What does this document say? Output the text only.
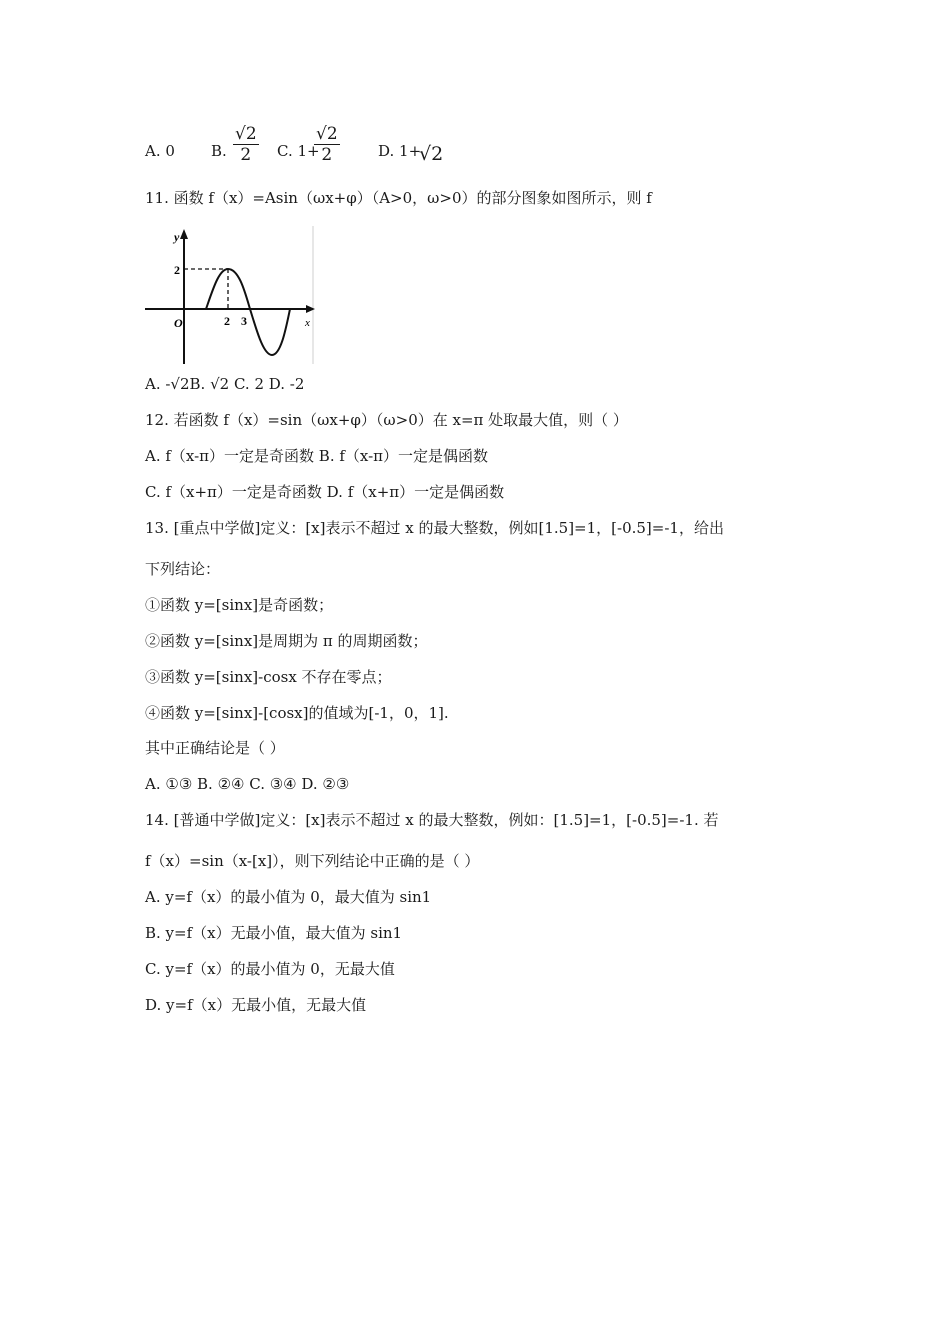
A. 0 B. $\frac{√2}{2} C$. 1+
$\frac{√2}{2}$	D. 1+
√2
11. 函数 f（x）=Asin（ωx+φ）（A>0，ω>0）的部分图象如图所示，则 f
y
x
O
2
2 3
A. -√2B. √2 C. 2 D. -2
12. 若函数 f（x）=sin（ωx+φ）（ω>0）在 x=π 处取最大值，则（ ）
A. f（x-π）一定是奇函数 B. f（x-π）一定是偶函数
C. f（x+π）一定是奇函数 D. f（x+π）一定是偶函数
13. [重点中学做]定义：[x]表示不超过 x 的最大整数，例如[1.5]=1，[-0.5]=-1，给出
下列结论：
①函数 y=[sinx]是奇函数；
②函数 y=[sinx]是周期为 π 的周期函数；
③函数 y=[sinx]-cosx 不存在零点；
④函数 y=[sinx]-[cosx]的值域为[-1，0，1].
其中正确结论是（ ）
A. ①③ B. ②④ C. ③④ D. ②③
14. [普通中学做]定义：[x]表示不超过 x 的最大整数，例如：[1.5]=1，[-0.5]=-1. 若
f（x）=sin（x-[x]），则下列结论中正确的是（ ）
A. y=f（x）的最小值为 0，最大值为 sin1
B. y=f（x）无最小值，最大值为 sin1
C. y=f（x）的最小值为 0，无最大值
D. y=f（x）无最小值，无最大值
